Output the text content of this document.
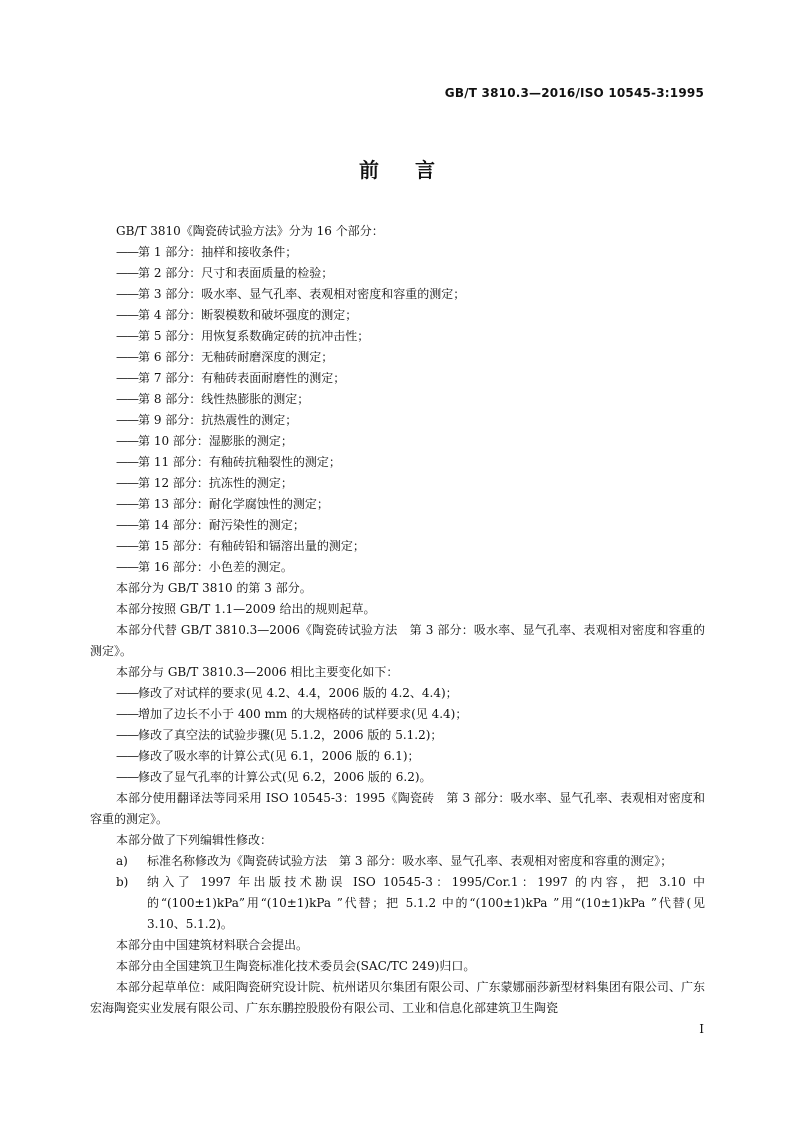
GB/T 3810.3—2016/ISO 10545-3:1995
前言

GB/T 3810《陶瓷砖试验方法》分为 16 个部分：

——第 1 部分：抽样和接收条件；

——第 2 部分：尺寸和表面质量的检验；

——第 3 部分：吸水率、显气孔率、表观相对密度和容重的测定；

——第 4 部分：断裂模数和破坏强度的测定；

——第 5 部分：用恢复系数确定砖的抗冲击性；

——第 6 部分：无釉砖耐磨深度的测定；

——第 7 部分：有釉砖表面耐磨性的测定；

——第 8 部分：线性热膨胀的测定；

——第 9 部分：抗热震性的测定；

——第 10 部分：湿膨胀的测定；

——第 11 部分：有釉砖抗釉裂性的测定；

——第 12 部分：抗冻性的测定；

——第 13 部分：耐化学腐蚀性的测定；

——第 14 部分：耐污染性的测定；

——第 15 部分：有釉砖铅和镉溶出量的测定；

——第 16 部分：小色差的测定。

本部分为 GB/T 3810 的第 3 部分。

本部分按照 GB/T 1.1—2009 给出的规则起草。

本部分代替 GB/T 3810.3—2006《陶瓷砖试验方法　第 3 部分：吸水率、显气孔率、表观相对密度和容重的测定》。

本部分与 GB/T 3810.3—2006 相比主要变化如下：

——修改了对试样的要求(见 4.2、4.4，2006 版的 4.2、4.4)；

——增加了边长不小于 400 mm 的大规格砖的试样要求(见 4.4)；

——修改了真空法的试验步骤(见 5.1.2，2006 版的 5.1.2)；

——修改了吸水率的计算公式(见 6.1，2006 版的 6.1)；

——修改了显气孔率的计算公式(见 6.2，2006 版的 6.2)。

本部分使用翻译法等同采用 ISO 10545-3：1995《陶瓷砖　第 3 部分：吸水率、显气孔率、表观相对密度和容重的测定》。

本部分做了下列编辑性修改：

a) 标准名称修改为《陶瓷砖试验方法　第 3 部分：吸水率、显气孔率、表观相对密度和容重的测定》；

b) 纳入了 1997 年出版技术勘误 ISO 10545-3：1995/Cor.1：1997 的内容，把 3.10 中的“(100±1)kPa”用“(10±1)kPa ”代替；把 5.1.2 中的“(100±1)kPa ”用“(10±1)kPa ”代替(见 3.10、5.1.2)。

本部分由中国建筑材料联合会提出。

本部分由全国建筑卫生陶瓷标准化技术委员会(SAC/TC 249)归口。

本部分起草单位：咸阳陶瓷研究设计院、杭州诺贝尔集团有限公司、广东蒙娜丽莎新型材料集团有限公司、广东宏海陶瓷实业发展有限公司、广东东鹏控股股份有限公司、工业和信息化部建筑卫生陶瓷

I
